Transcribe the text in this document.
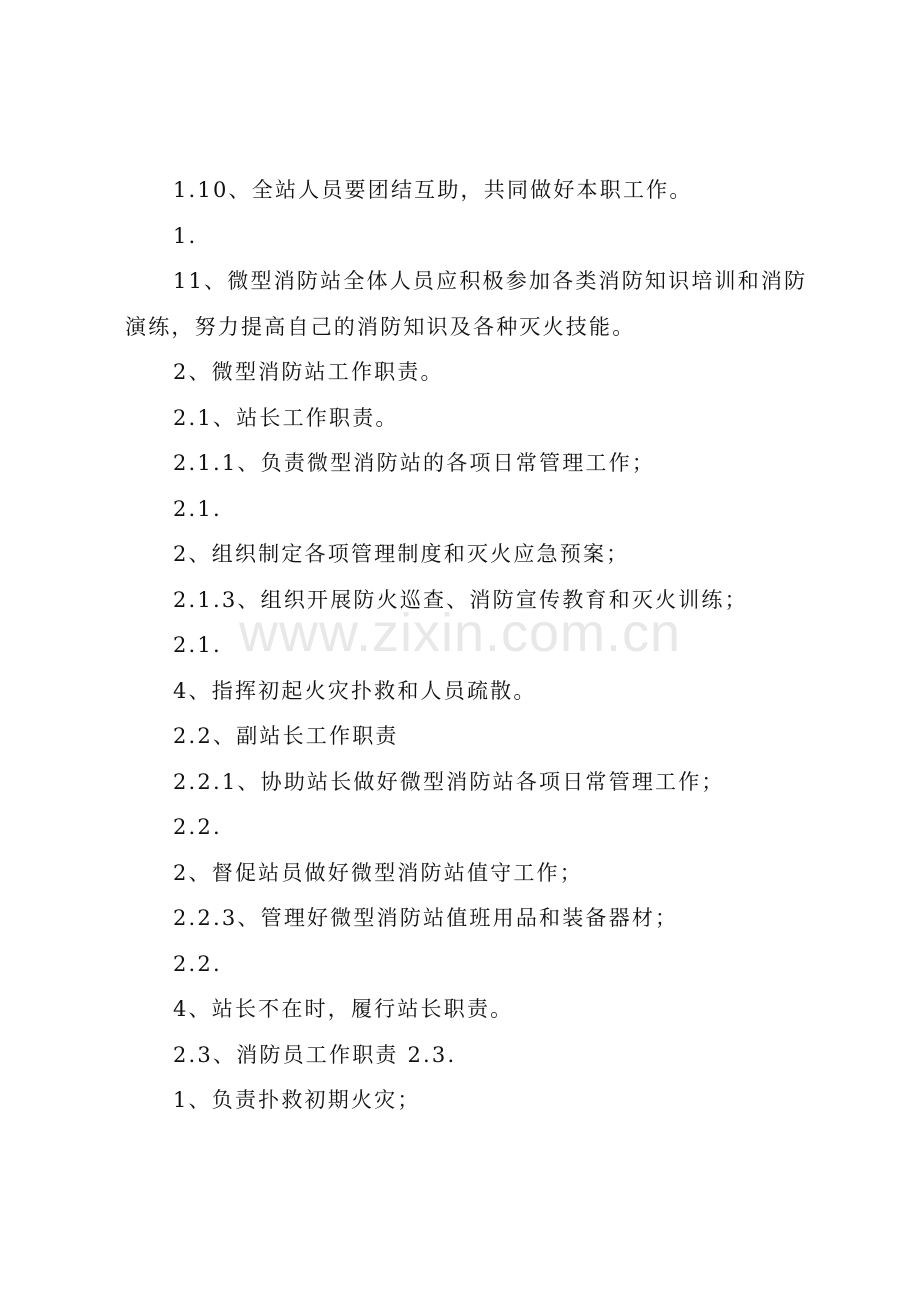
1.10、全站人员要团结互助，共同做好本职工作。

1.

11、微型消防站全体人员应积极参加各类消防知识培训和消防演练，努力提高自己的消防知识及各种灭火技能。

2、微型消防站工作职责。

2.1、站长工作职责。

2.1.1、负责微型消防站的各项日常管理工作；

2.1.

2、组织制定各项管理制度和灭火应急预案；

2.1.3、组织开展防火巡查、消防宣传教育和灭火训练；

2.1.

4、指挥初起火灾扑救和人员疏散。

2.2、副站长工作职责

2.2.1、协助站长做好微型消防站各项日常管理工作；

2.2.

2、督促站员做好微型消防站值守工作；

2.2.3、管理好微型消防站值班用品和装备器材；

2.2.

4、站长不在时，履行站长职责。

2.3、消防员工作职责 2.3.

1、负责扑救初期火灾；

www.zixin.com.cn
